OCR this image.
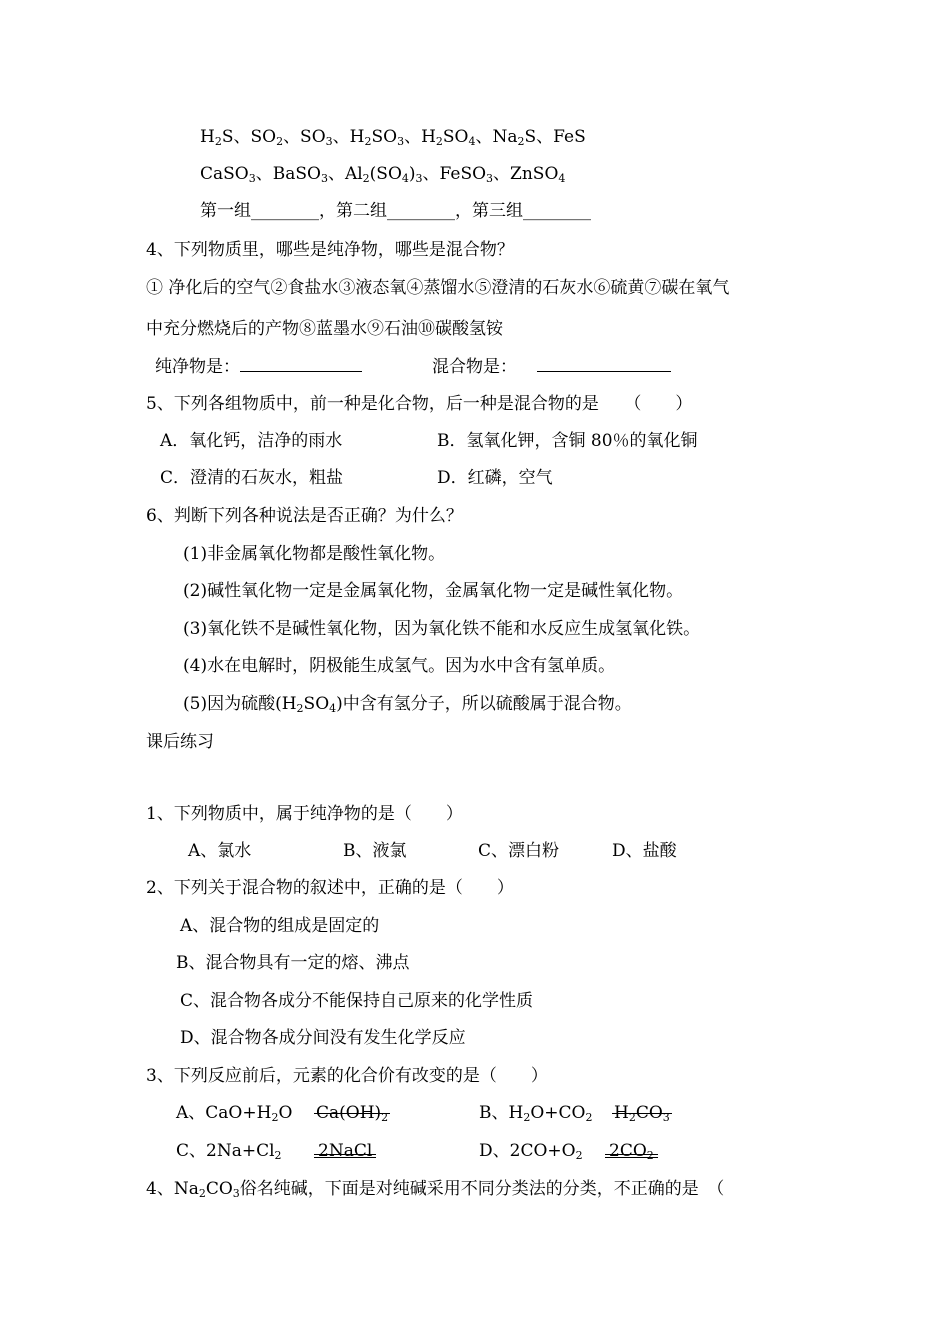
$H_2S$、$SO_2$、$SO_3$、$H_2SO_3$、$H_2SO_4$、$Na_2S$、FeS
CaSO$_3$、BaSO$_3$、$Al_2(SO_4)_3$、FeSO$_3$、ZnSO$_4$
第一组________，第二组________，第三组________
4、下列物质里，哪些是纯净物，哪些是混合物？
① 净化后的空气②食盐水③液态氧④蒸馏水⑤澄清的石灰水⑥硫黄⑦碳在氧气
中充分燃烧后的产物⑧蓝墨水⑨石油⑩碳酸氢铵
纯净物是：	混合物是：
5、下列各组物质中，前一种是化合物，后一种是混合物的是　　（　　）
A．氧化钙，洁净的雨水	B．氢氧化钾，含铜 80％的氧化铜
C．澄清的石灰水，粗盐	D．红磷，空气
6、判断下列各种说法是否正确？为什么？
(1)非金属氧化物都是酸性氧化物。
(2)碱性氧化物一定是金属氧化物，金属氧化物一定是碱性氧化物。
(3)氧化铁不是碱性氧化物，因为氧化铁不能和水反应生成氢氧化铁。
(4)水在电解时，阴极能生成氢气。因为水中含有氢单质。
(5)因为硫酸$(H_2SO_4)$中含有氢分子，所以硫酸属于混合物。
课后练习
1、下列物质中，属于纯净物的是（　　）
A、氯水	B、液氯	C、漂白粉	D、盐酸
2、下列关于混合物的叙述中，正确的是（　　）
A、混合物的组成是固定的
B、混合物具有一定的熔、沸点
C、混合物各成分不能保持自己原来的化学性质
D、混合物各成分间没有发生化学反应
3、下列反应前后，元素的化合价有改变的是（　　）
A、$CaO+H_2O$ $Ca(OH)_2$	B、$H_2O+CO_2$ $H_2CO_3$
C、$2Na+Cl_2$ 2NaCl	D、$2CO+O_2$ $2CO_2$
4、$Na_2CO_3$俗名纯碱，下面是对纯碱采用不同分类法的分类，不正确的是　（
